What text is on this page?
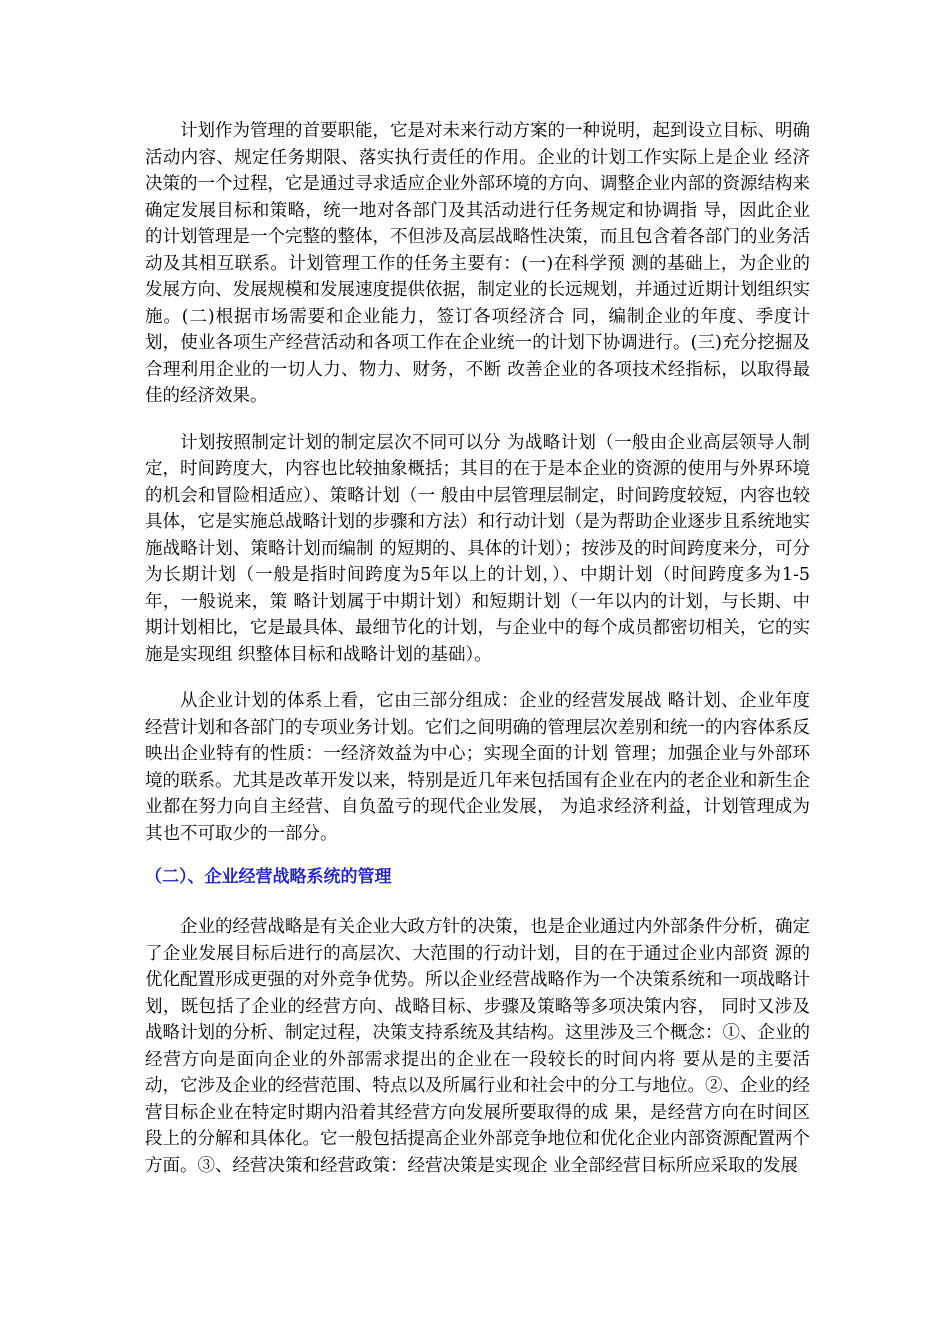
计划作为管理的首要职能，它是对未来行动方案的一种说明，起到设立目标、明确活动内容、规定任务期限、落实执行责任的作用。企业的计划工作实际上是企业 经济决策的一个过程，它是通过寻求适应企业外部环境的方向、调整企业内部的资源结构来确定发展目标和策略，统一地对各部门及其活动进行任务规定和协调指 导，因此企业的计划管理是一个完整的整体，不但涉及高层战略性决策，而且包含着各部门的业务活动及其相互联系。计划管理工作的任务主要有：(一)在科学预 测的基础上，为企业的发展方向、发展规模和发展速度提供依据，制定业的长远规划，并通过近期计划组织实施。(二)根据市场需要和企业能力，签订各项经济合 同，编制企业的年度、季度计划，使业各项生产经营活动和各项工作在企业统一的计划下协调进行。(三)充分挖掘及合理利用企业的一切人力、物力、财务，不断 改善企业的各项技术经指标，以取得最佳的经济效果。

计划按照制定计划的制定层次不同可以分 为战略计划（一般由企业高层领导人制定，时间跨度大，内容也比较抽象概括；其目的在于是本企业的资源的使用与外界环境的机会和冒险相适应）、策略计划（一 般由中层管理层制定，时间跨度较短，内容也较具体，它是实施总战略计划的步骤和方法）和行动计划（是为帮助企业逐步且系统地实施战略计划、策略计划而编制 的短期的、具体的计划）；按涉及的时间跨度来分，可分为长期计划（一般是指时间跨度为5年以上的计划，）、中期计划（时间跨度多为1-5年，一般说来，策 略计划属于中期计划）和短期计划（一年以内的计划，与长期、中期计划相比，它是最具体、最细节化的计划，与企业中的每个成员都密切相关，它的实施是实现组 织整体目标和战略计划的基础）。

从企业计划的体系上看，它由三部分组成：企业的经营发展战 略计划、企业年度经营计划和各部门的专项业务计划。它们之间明确的管理层次差别和统一的内容体系反映出企业特有的性质：一经济效益为中心；实现全面的计划 管理；加强企业与外部环境的联系。尤其是改革开发以来，特别是近几年来包括国有企业在内的老企业和新生企业都在努力向自主经营、自负盈亏的现代企业发展， 为追求经济利益，计划管理成为其也不可取少的一部分。

（二）、企业经营战略系统的管理

企业的经营战略是有关企业大政方针的决策，也是企业通过内外部条件分析，确定了企业发展目标后进行的高层次、大范围的行动计划，目的在于通过企业内部资 源的优化配置形成更强的对外竞争优势。所以企业经营战略作为一个决策系统和一项战略计划，既包括了企业的经营方向、战略目标、步骤及策略等多项决策内容， 同时又涉及战略计划的分析、制定过程，决策支持系统及其结构。这里涉及三个概念：①、企业的经营方向是面向企业的外部需求提出的企业在一段较长的时间内将 要从是的主要活动，它涉及企业的经营范围、特点以及所属行业和社会中的分工与地位。②、企业的经营目标企业在特定时期内沿着其经营方向发展所要取得的成 果，是经营方向在时间区段上的分解和具体化。它一般包括提高企业外部竞争地位和优化企业内部资源配置两个方面。③、经营决策和经营政策：经营决策是实现企 业全部经营目标所应采取的发展
